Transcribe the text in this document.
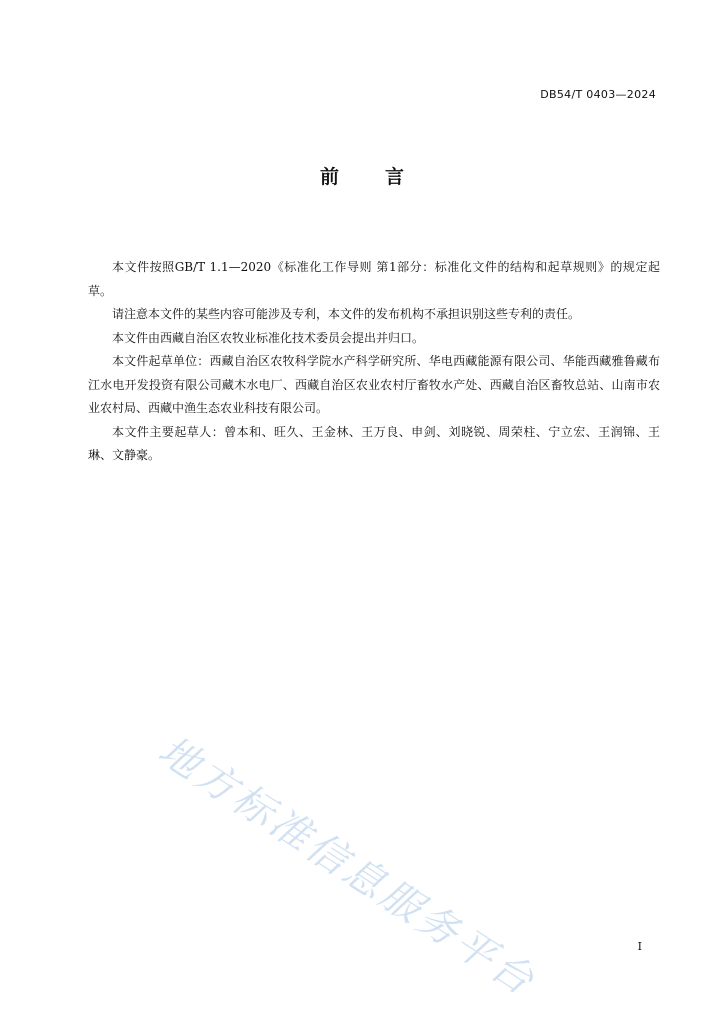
DB54/T 0403—2024
前 言

本文件按照GB/T 1.1—2020《标准化工作导则 第1部分：标准化文件的结构和起草规则》的规定起草。

请注意本文件的某些内容可能涉及专利，本文件的发布机构不承担识别这些专利的责任。

本文件由西藏自治区农牧业标准化技术委员会提出并归口。

本文件起草单位：西藏自治区农牧科学院水产科学研究所、华电西藏能源有限公司、华能西藏雅鲁藏布江水电开发投资有限公司藏木水电厂、西藏自治区农业农村厅畜牧水产处、西藏自治区畜牧总站、山南市农业农村局、西藏中渔生态农业科技有限公司。

本文件主要起草人：曾本和、旺久、王金林、王万良、申剑、刘晓锐、周荣柱、宁立宏、王润锦、王琳、文静豪。

地方标准信息服务平台	I
